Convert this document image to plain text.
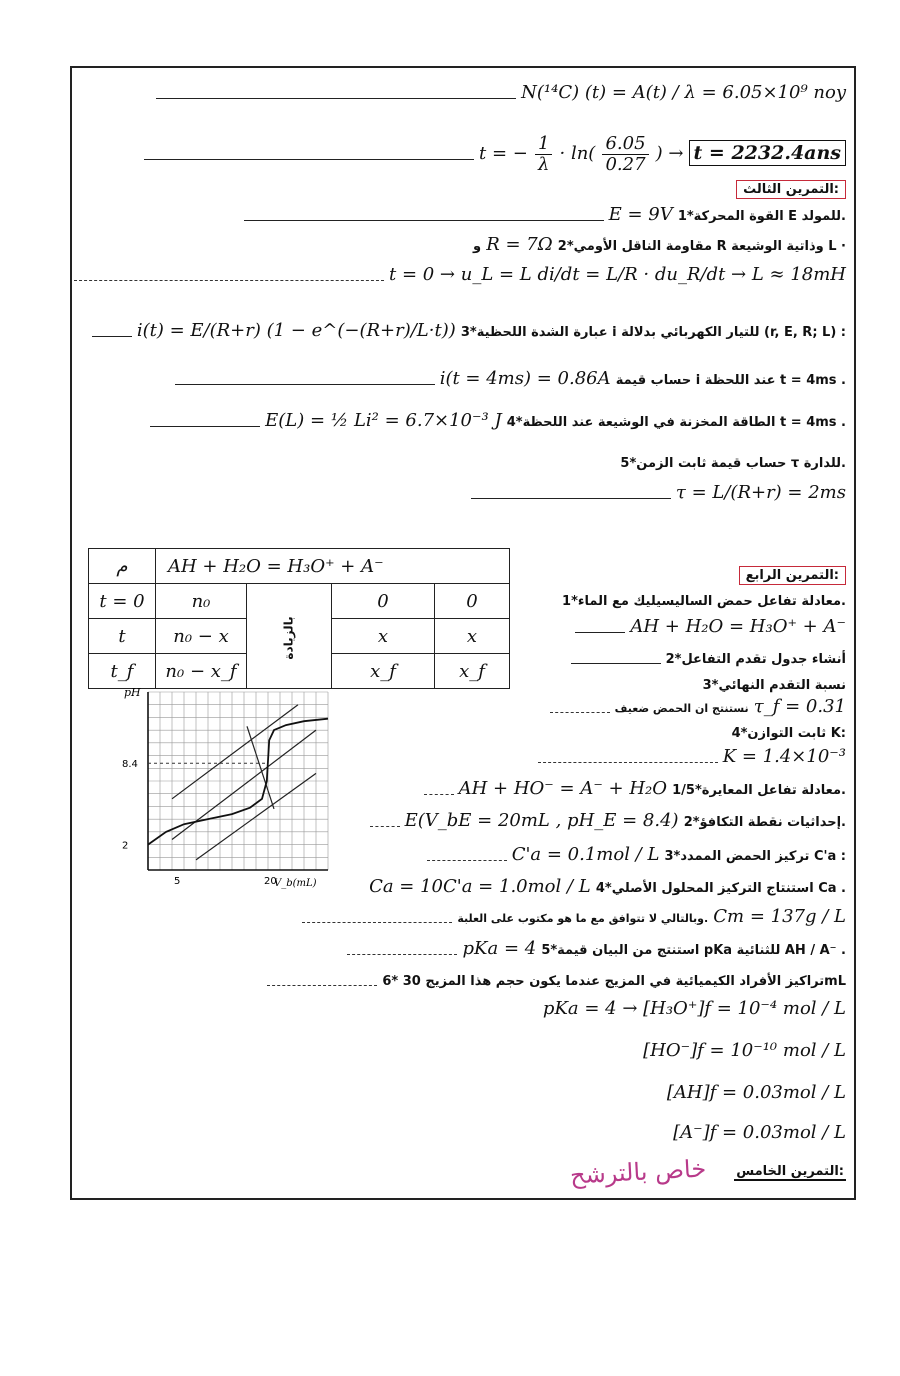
N(¹⁴C) (t) = A(t) / λ = 6.05×10⁹ noy
t = − $\frac{1}{\lambda} \cdot \ln( \frac{6.05}{0.27}$ ) → t = 2232.4ans
التمرين الثالث:
E = 9V 1*القوة المحركة E للمولد.
و R = 7Ω 2*مقاومة الناقل الأومي R وذاتية الوشيعة L ·
t = 0 → u_L = L di/dt = L/R · du_R/dt → L ≈ 18mH
i(t) = E/(R+r) (1 − e^(−(R+r)/L·t)) 3*عبارة الشدة اللحظية i للتيار الكهربائي بدلالة (r, E, R; L) :
i(t = 4ms) = 0.86A حساب قيمة i عند اللحظة t = 4ms .
E(L) = ½ Li² = 6.7×10⁻³ J 4*الطاقة المخزنة في الوشيعة عند اللحظة t = 4ms .
5*حساب قيمة ثابت الزمن τ للدارة.
τ = L/(R+r) = 2ms
م	AH + H₂O = H₃O⁺ + A⁻			
t = 0	n₀	بالزيادة	0	0
t	n₀ − x		x	x
t_f	n₀ − x_f		x_f	x_f
pH
V_b(mL)
5	20
2
8.4
التمرين الرابع:
1*معادلة تفاعل حمض الساليسيليك مع الماء.
AH + H₂O = H₃O⁺ + A⁻
2*أنشاء جدول تقدم التفاعل
3*نسبة التقدم النهائي
نستنتج ان الحمض ضعيف τ_f = 0.31
4*ثابت التوازن K:
K = 1.4×10⁻³
AH + HO⁻ = A⁻ + H₂O 1/5*معادلة تفاعل المعايرة.
E(V_bE = 20mL , pH_E = 8.4) 2*إحداثيات نقطة التكافؤ.
C'a = 0.1mol / L 3*تركيز الحمض الممدد C'a :
Ca = 10C'a = 1.0mol / L 4*استنتاج التركيز المحلول الأصلي Ca .
وبالتالي لا تتوافق مع ما هو مكتوب على العلبة. Cm = 137g / L
pKa = 4 5*استنتج من البيان قيمة pKa للثنائية AH / A⁻ .
6* تراكيز الأفراد الكيميائية في المزيج عندما يكون حجم هذا المزيج 30mL
pKa = 4 → [H₃O⁺]f = 10⁻⁴ mol / L
[HO⁻]f = 10⁻¹⁰ mol / L
[AH]f = 0.03mol / L
[A⁻]f = 0.03mol / L
التمرين الخامس:
خاص بالترشح
